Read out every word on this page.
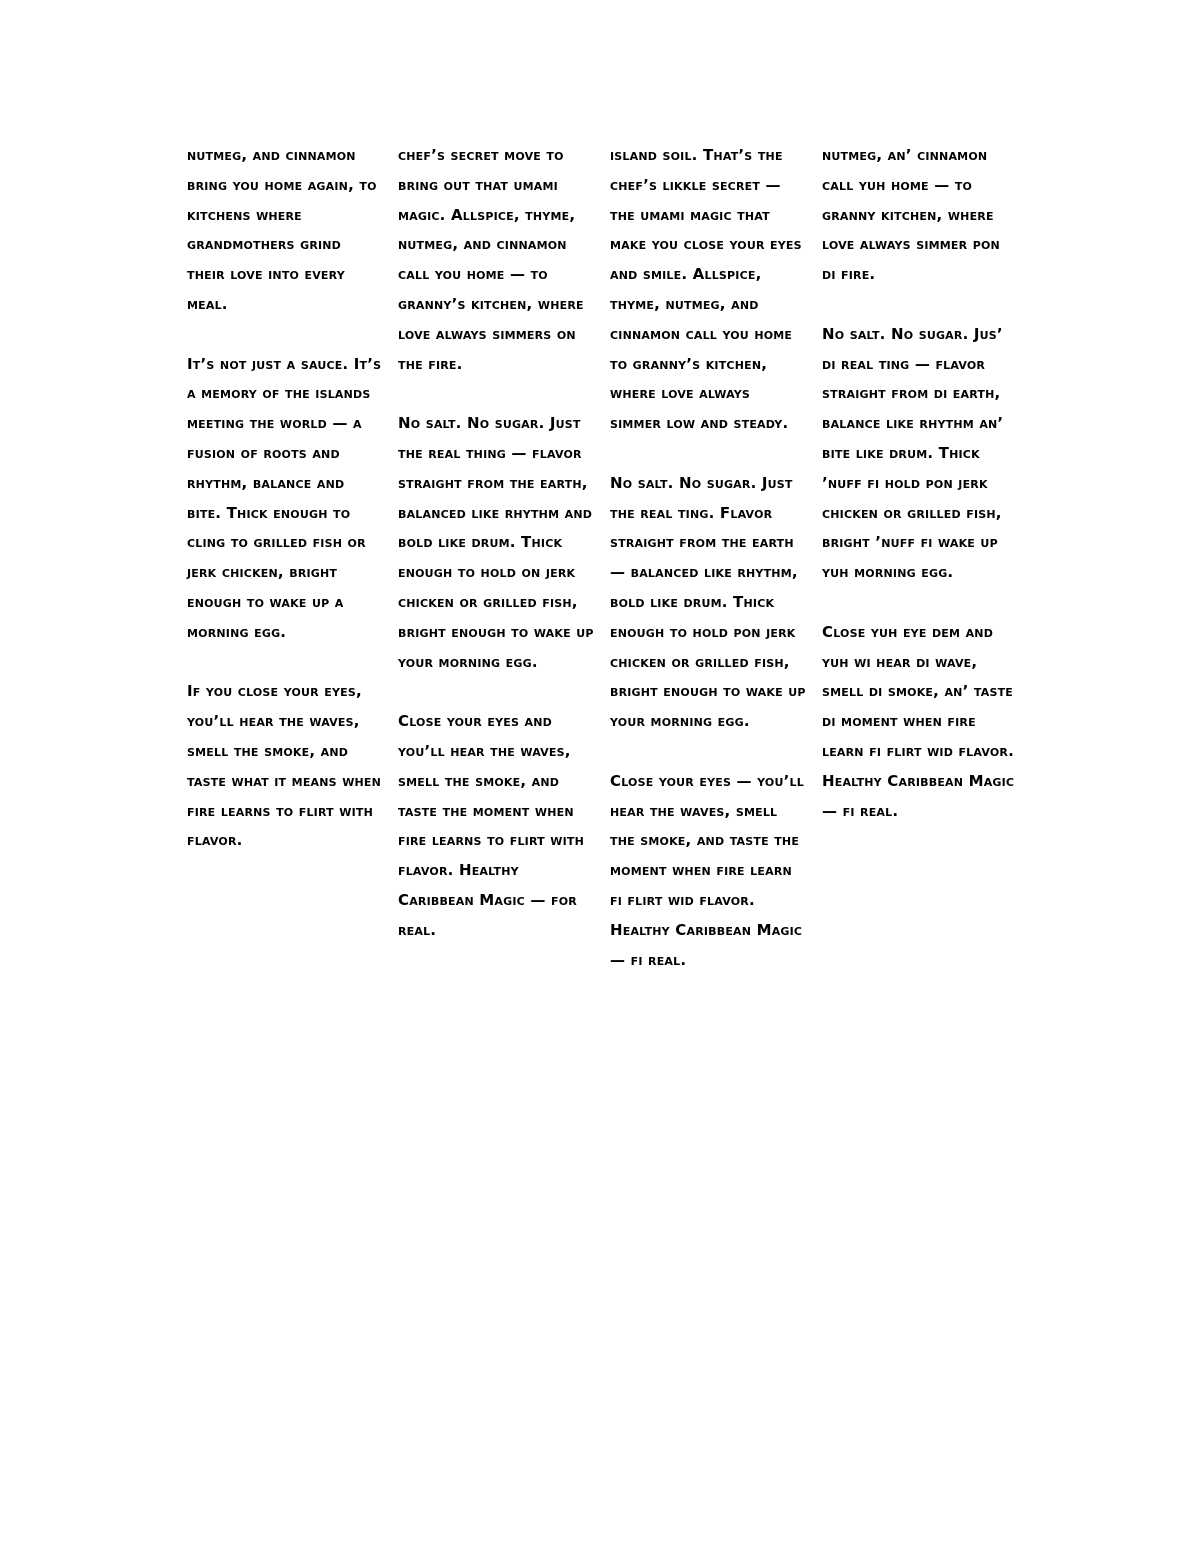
nutmeg, and cinnamon bring you home again, to kitchens where grandmothers grind their love into every meal.

It’s not just a sauce. It’s a memory of the islands meeting the world — a fusion of roots and rhythm, balance and bite. Thick enough to cling to grilled fish or jerk chicken, bright enough to wake up a morning egg.

If you close your eyes, you’ll hear the waves, smell the smoke, and taste what it means when fire learns to flirt with flavor.

chef’s secret move to bring out that umami magic. Allspice, thyme, nutmeg, and cinnamon call you home — to granny’s kitchen, where love always simmers on the fire.

No salt. No sugar. Just the real thing — flavor straight from the earth, balanced like rhythm and bold like drum. Thick enough to hold on jerk chicken or grilled fish, bright enough to wake up your morning egg.

Close your eyes and you’ll hear the waves, smell the smoke, and taste the moment when fire learns to flirt with flavor. Healthy Caribbean Magic — for real.

island soil. That’s the chef’s likkle secret — the umami magic that make you close your eyes and smile. Allspice, thyme, nutmeg, and cinnamon call you home to granny’s kitchen, where love always simmer low and steady.

No salt. No sugar. Just the real ting. Flavor straight from the earth — balanced like rhythm, bold like drum. Thick enough to hold pon jerk chicken or grilled fish, bright enough to wake up your morning egg.

Close your eyes — you’ll hear the waves, smell the smoke, and taste the moment when fire learn fi flirt wid flavor. Healthy Caribbean Magic — fi real.

nutmeg, an’ cinnamon call yuh home — to granny kitchen, where love always simmer pon di fire.

No salt. No sugar. Jus’ di real ting — flavor straight from di earth, balance like rhythm an’ bite like drum. Thick ’nuff fi hold pon jerk chicken or grilled fish, bright ’nuff fi wake up yuh morning egg.

Close yuh eye dem and yuh wi hear di wave, smell di smoke, an’ taste di moment when fire learn fi flirt wid flavor. Healthy Caribbean Magic — fi real.
